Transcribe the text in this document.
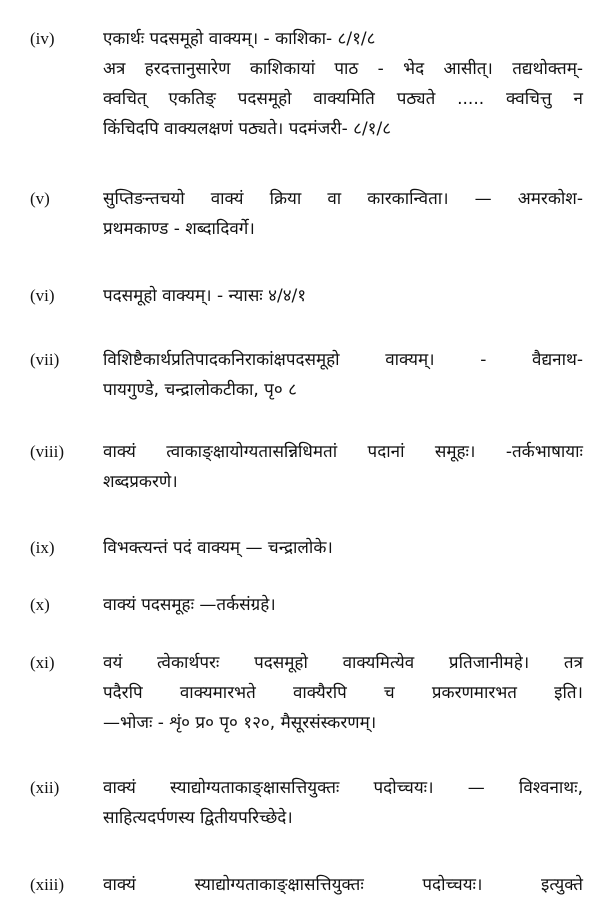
(iv)	एकार्थः पदसमूहो वाक्यम्। - काशिका- ८/१/८
अत्र हरदत्तानुसारेण काशिकायां पाठ - भेद आसीत्। तद्यथोक्तम्-
क्वचित् एकतिङ् पदसमूहो वाक्यमिति पठ्यते ..... क्वचित्तु न
किंचिदपि वाक्यलक्षणं पठ्यते। पदमंजरी- ८/१/८
(v)	सुप्तिङन्तचयो वाक्यं क्रिया वा कारकान्विता। — अमरकोश-
प्रथमकाण्ड - शब्दादिवर्गे।
(vi)	पदसमूहो वाक्यम्। - न्यासः ४/४/१
(vii)	विशिष्टैकार्थप्रतिपादकनिराकांक्षपदसमूहो वाक्यम्। - वैद्यनाथ-
पायगुण्डे, चन्द्रालोकटीका, पृ० ८
(viii) वाक्यं त्वाकाङ्क्षायोग्यतासन्निधिमतां पदानां समूहः। -तर्कभाषायाः
शब्दप्रकरणे।
(ix)	विभक्त्यन्तं पदं वाक्यम् — चन्द्रालोके।
(x)	वाक्यं पदसमूहः —तर्कसंग्रहे।
(xi)	वयं त्वेकार्थपरः पदसमूहो वाक्यमित्येव प्रतिजानीमहे। तत्र
पदैरपि वाक्यमारभते वाक्यैरपि च प्रकरणमारभत इति।
—भोजः - शृं० प्र० पृ० १२०, मैसूरसंस्करणम्।
(xii)	वाक्यं स्याद्योग्यताकाङ्क्षासत्तियुक्तः पदोच्चयः। — विश्वनाथः,
साहित्यदर्पणस्य द्वितीयपरिच्छेदे।
(xiii) वाक्यं स्याद्योग्यताकाङ्क्षासत्तियुक्तः पदोच्चयः। इत्युक्ते
